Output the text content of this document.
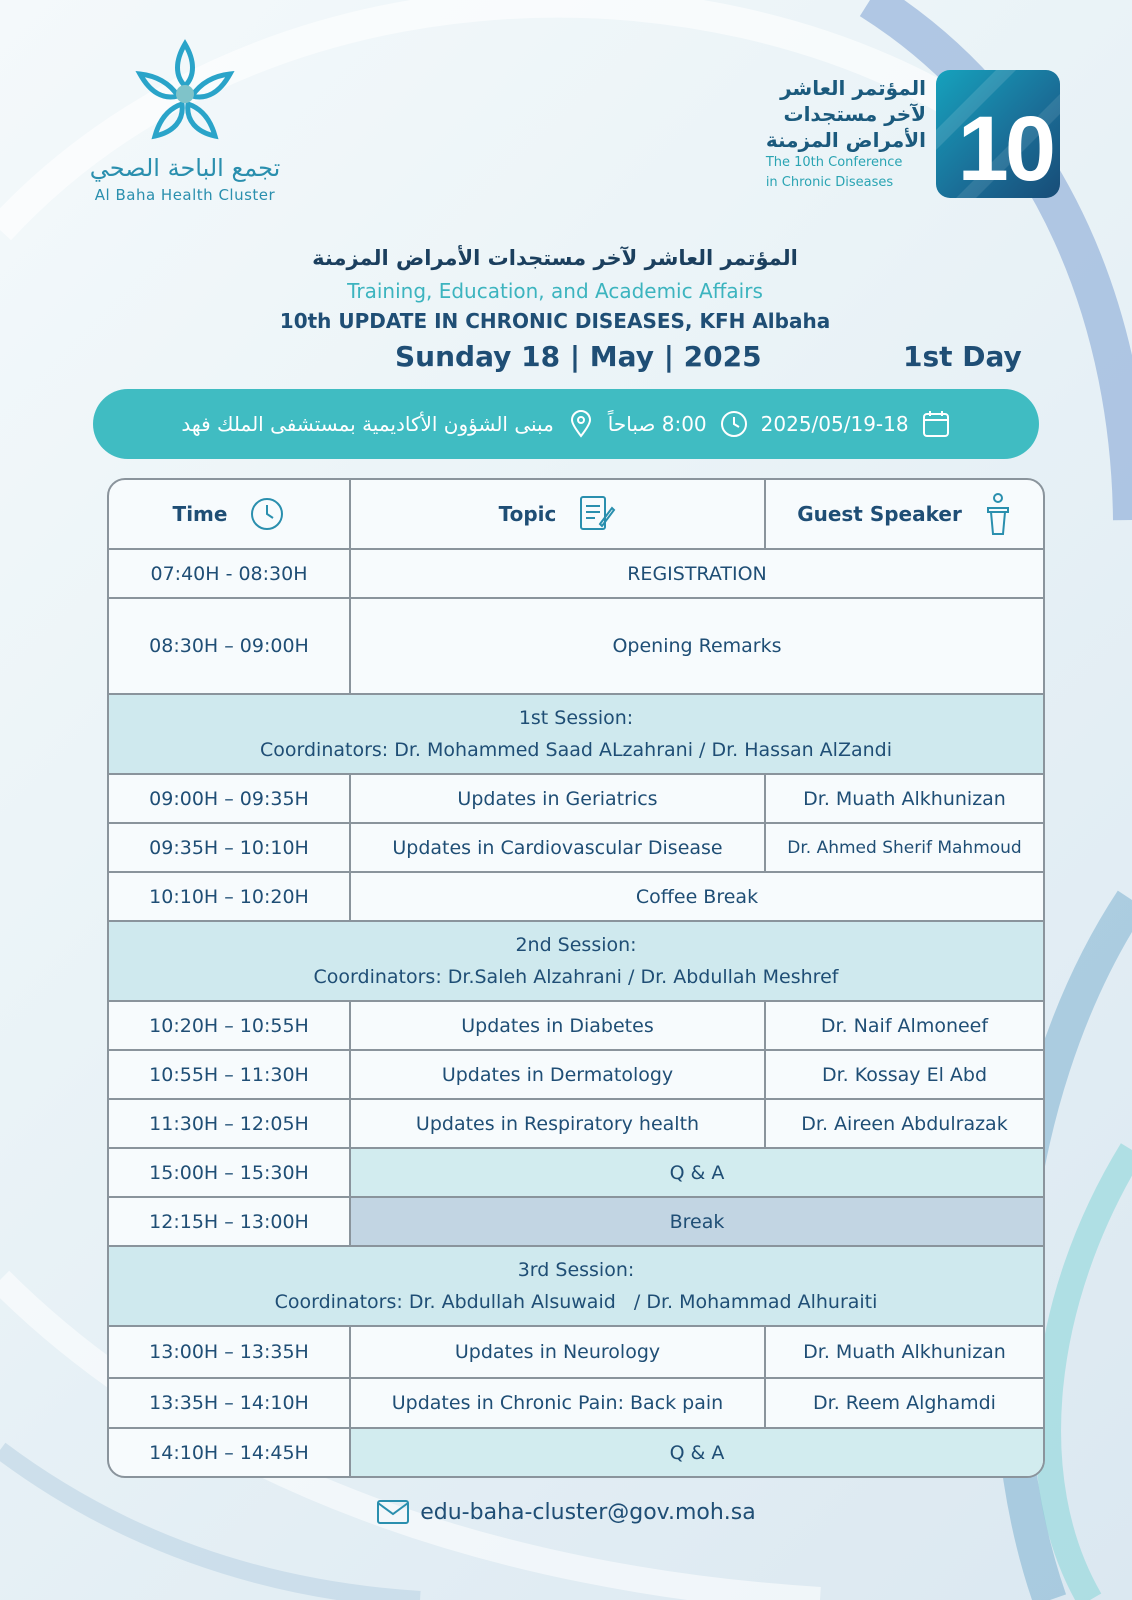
تجمع الباحة الصحي
Al Baha Health Cluster
المؤتمر العاشر
لآخر مستجدات
الأمراض المزمنة
The 10th Conference
in Chronic Diseases 10
المؤتمر العاشر لآخر مستجدات الأمراض المزمنة
Training, Education, and Academic Affairs
10th UPDATE IN CHRONIC DISEASES, KFH Albaha
Sunday 18 | May | 2025	1st Day
2025/05/19-18
8:00 صباحاً
مبنى الشؤون الأكاديمية بمستشفى الملك فهد
Time	Topic	Guest Speaker
07:40H - 08:30H	REGISTRATION
08:30H – 09:00H	Opening Remarks
1st Session:
Coordinators: Dr. Mohammed Saad ALzahrani / Dr. Hassan AlZandi
09:00H – 09:35H	Updates in Geriatrics	Dr. Muath Alkhunizan
09:35H – 10:10H	Updates in Cardiovascular Disease	Dr. Ahmed Sherif Mahmoud
10:10H – 10:20H	Coffee Break
2nd Session:
Coordinators: Dr.Saleh Alzahrani / Dr. Abdullah Meshref
10:20H – 10:55H	Updates in Diabetes	Dr. Naif Almoneef
10:55H – 11:30H	Updates in Dermatology	Dr. Kossay El Abd
11:30H – 12:05H	Updates in Respiratory health	Dr. Aireen Abdulrazak
15:00H – 15:30H	Q & A
12:15H – 13:00H	Break
3rd Session:
Coordinators: Dr. Abdullah Alsuwaid   / Dr. Mohammad Alhuraiti
13:00H – 13:35H	Updates in Neurology	Dr. Muath Alkhunizan
13:35H – 14:10H	Updates in Chronic Pain: Back pain	Dr. Reem Alghamdi
14:10H – 14:45H	Q & A
edu-baha-cluster@gov.moh.sa
